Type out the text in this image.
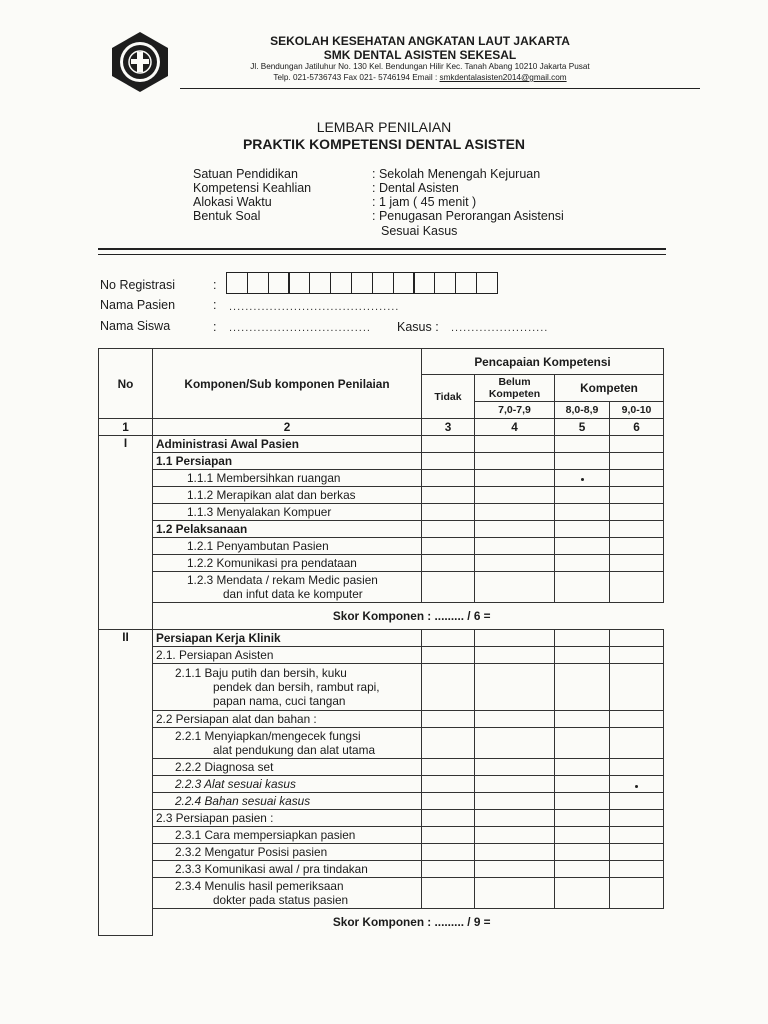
SEKOLAH KESEHATAN ANGKATAN LAUT JAKARTA
SMK DENTAL ASISTEN SEKESAL
Jl. Bendungan Jatiluhur No. 130 Kel. Bendungan Hilir Kec. Tanah Abang 10210 Jakarta Pusat
Telp. 021-5736743 Fax 021- 5746194 Email : smkdentalasisten2014@gmail.com
LEMBAR PENILAIAN
PRAKTIK KOMPETENSI DENTAL ASISTEN
Satuan Pendidikan	: Sekolah Menengah Kejuruan
Kompetensi Keahlian	: Dental Asisten
Alokasi Waktu	: 1 jam ( 45 menit )
Bentuk Soal	: Penugasan Perorangan Asistensi
Sesuai Kasus
No Registrasi	:
Nama Pasien	: ..........................................
Nama Siswa	: ................................... Kasus : ........................
No	Komponen/Sub komponen Penilaian	Pencapaian Kompetensi			
		Tidak	Belum Kompeten	Kompeten	
			7,0-7,9	8,0-8,9	9,0-10
1	2	3	4	5	6
I	Administrasi Awal Pasien				
	1.1 Persiapan				
	1.1.1 Membersihkan ruangan				
	1.1.2 Merapikan alat dan berkas				
	1.1.3 Menyalakan Kompuer				
	1.2 Pelaksanaan				
	1.2.1 Penyambutan Pasien				
	1.2.2 Komunikasi pra pendataan				

	1.2.3 Mendata / rekam Medic pasien
dan infut data ke komputer				

	Skor Komponen : ......... / 6 =				
II	Persiapan Kerja Klinik				
	2.1. Persiapan Asisten				

	2.1.1 Baju putih dan bersih, kuku
pendek dan bersih, rambut rapi,
papan nama, cuci tangan				

	2.2 Persiapan alat dan bahan :				

	2.2.1 Menyiapkan/mengecek fungsi
alat pendukung dan alat utama				

	2.2.2 Diagnosa set				
	2.2.3 Alat sesuai kasus				
	2.2.4 Bahan sesuai kasus				
	2.3 Persiapan pasien :				
	2.3.1 Cara mempersiapkan pasien				
	2.3.2 Mengatur Posisi pasien				
	2.3.3 Komunikasi awal / pra tindakan				

	2.3.4 Menulis hasil pemeriksaan
dokter pada status pasien				

	Skor Komponen : ......... / 9 =				
